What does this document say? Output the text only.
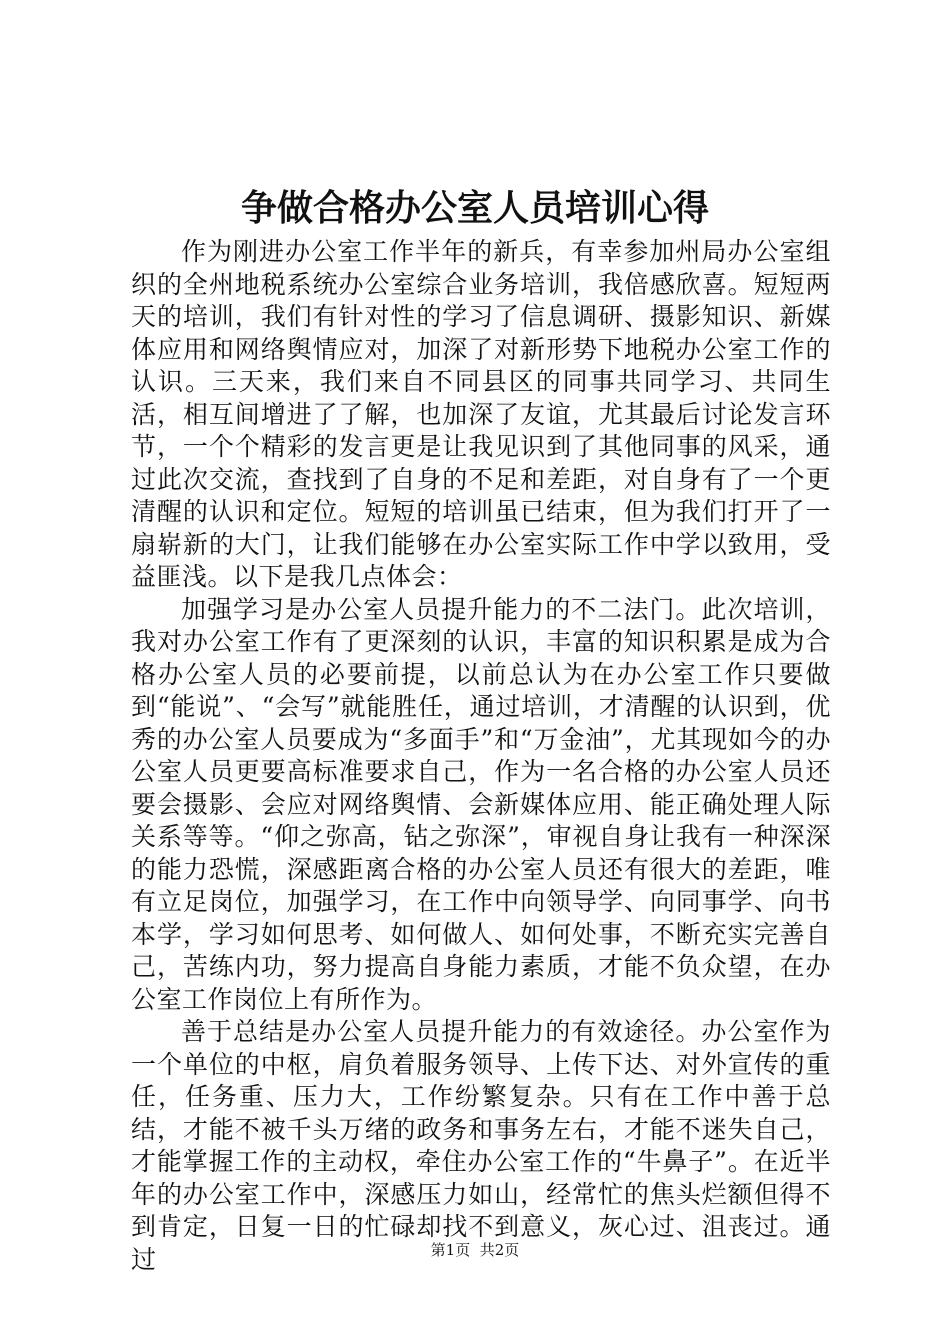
争做合格办公室人员培训心得

作为刚进办公室工作半年的新兵，有幸参加州局办公室组织的全州地税系统办公室综合业务培训，我倍感欣喜。短短两天的培训，我们有针对性的学习了信息调研、摄影知识、新媒体应用和网络舆情应对，加深了对新形势下地税办公室工作的认识。三天来，我们来自不同县区的同事共同学习、共同生活，相互间增进了了解，也加深了友谊，尤其最后讨论发言环节，一个个精彩的发言更是让我见识到了其他同事的风采，通过此次交流，查找到了自身的不足和差距，对自身有了一个更清醒的认识和定位。短短的培训虽已结束，但为我们打开了一扇崭新的大门，让我们能够在办公室实际工作中学以致用，受益匪浅。以下是我几点体会：

加强学习是办公室人员提升能力的不二法门。此次培训，我对办公室工作有了更深刻的认识，丰富的知识积累是成为合格办公室人员的必要前提，以前总认为在办公室工作只要做到“能说”、“会写”就能胜任，通过培训，才清醒的认识到，优秀的办公室人员要成为“多面手”和“万金油”，尤其现如今的办公室人员更要高标准要求自己，作为一名合格的办公室人员还要会摄影、会应对网络舆情、会新媒体应用、能正确处理人际关系等等。“仰之弥高，钻之弥深”，审视自身让我有一种深深的能力恐慌，深感距离合格的办公室人员还有很大的差距，唯有立足岗位，加强学习，在工作中向领导学、向同事学、向书本学，学习如何思考、如何做人、如何处事，不断充实完善自己，苦练内功，努力提高自身能力素质，才能不负众望，在办公室工作岗位上有所作为。

善于总结是办公室人员提升能力的有效途径。办公室作为一个单位的中枢，肩负着服务领导、上传下达、对外宣传的重任，任务重、压力大，工作纷繁复杂。只有在工作中善于总结，才能不被千头万绪的政务和事务左右，才能不迷失自己，才能掌握工作的主动权，牵住办公室工作的“牛鼻子”。在近半年的办公室工作中，深感压力如山，经常忙的焦头烂额但得不到肯定，日复一日的忙碌却找不到意义，灰心过、沮丧过。通过	第1页 共2页
